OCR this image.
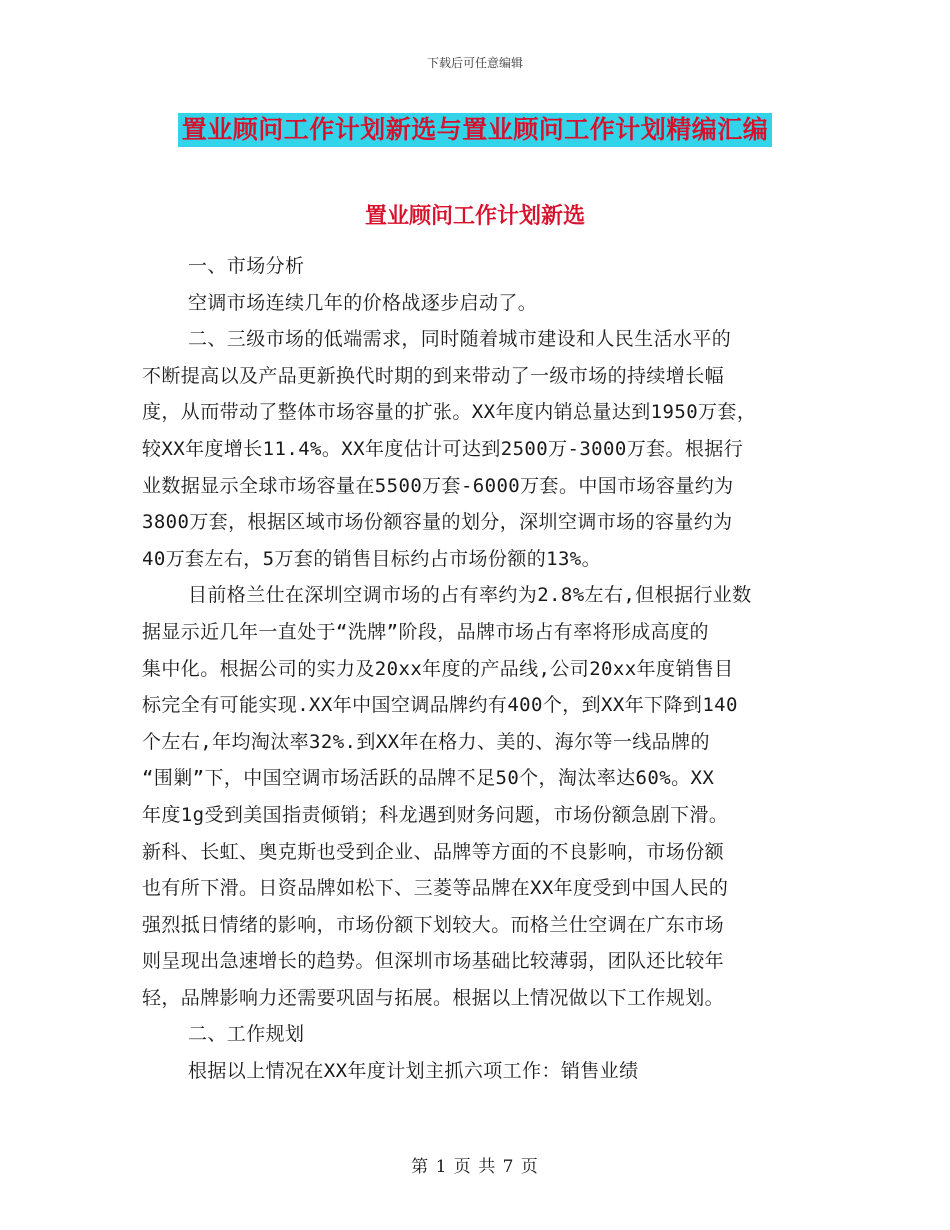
下载后可任意编辑
置业顾问工作计划新选与置业顾问工作计划精编汇编
置业顾问工作计划新选
一、市场分析
空调市场连续几年的价格战逐步启动了。
二、三级市场的低端需求，同时随着城市建设和人民生活水平的
不断提高以及产品更新换代时期的到来带动了一级市场的持续增长幅
度，从而带动了整体市场容量的扩张。XX年度内销总量达到1950万套，
较XX年度增长11.4%。XX年度估计可达到2500万-3000万套。根据行
业数据显示全球市场容量在5500万套-6000万套。中国市场容量约为
3800万套，根据区域市场份额容量的划分，深圳空调市场的容量约为
40万套左右，5万套的销售目标约占市场份额的13%。
目前格兰仕在深圳空调市场的占有率约为2.8%左右,但根据行业数
据显示近几年一直处于“洗牌”阶段，品牌市场占有率将形成高度的
集中化。根据公司的实力及20xx年度的产品线,公司20xx年度销售目
标完全有可能实现.XX年中国空调品牌约有400个，到XX年下降到140
个左右,年均淘汰率32%.到XX年在格力、美的、海尔等一线品牌的
“围剿”下，中国空调市场活跃的品牌不足50个，淘汰率达60%。XX
年度1g受到美国指责倾销；科龙遇到财务问题，市场份额急剧下滑。
新科、长虹、奥克斯也受到企业、品牌等方面的不良影响，市场份额
也有所下滑。日资品牌如松下、三菱等品牌在XX年度受到中国人民的
强烈抵日情绪的影响，市场份额下划较大。而格兰仕空调在广东市场
则呈现出急速增长的趋势。但深圳市场基础比较薄弱，团队还比较年
轻，品牌影响力还需要巩固与拓展。根据以上情况做以下工作规划。
二、工作规划
根据以上情况在XX年度计划主抓六项工作：销售业绩
第 1 页 共 7 页
